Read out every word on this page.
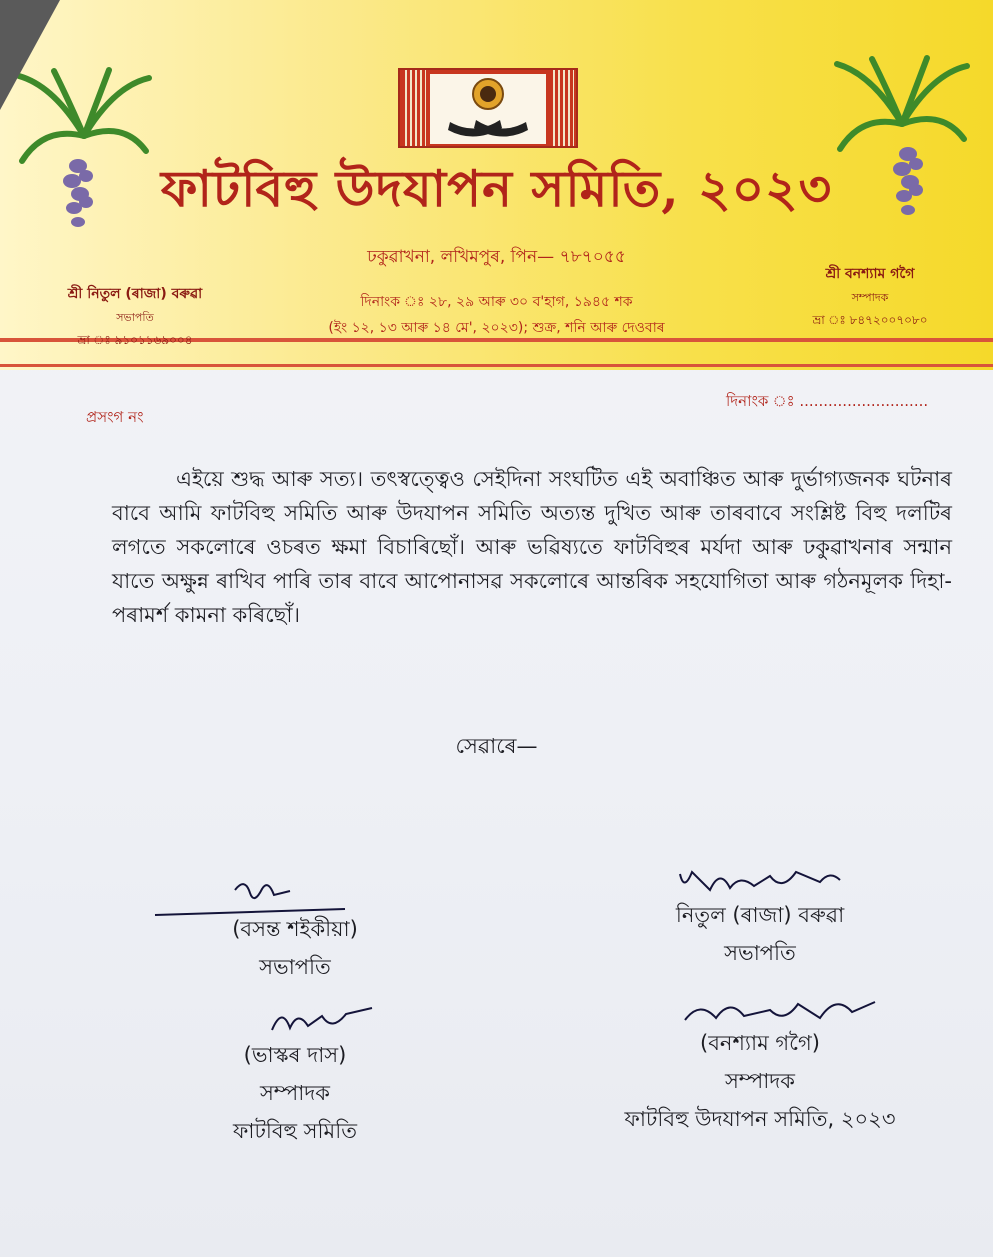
ফাটবিহু উদযাপন সমিতি, ২০২৩
ঢকুৱাখনা, লখিমপুৰ, পিন— ৭৮৭০৫৫
দিনাংক ঃ ২৮, ২৯ আৰু ৩০ ব'হাগ, ১৯৪৫ শক
(ইং ১২, ১৩ আৰু ১৪ মে', ২০২৩); শুক্ৰ, শনি আৰু দেওবাৰ
শ্ৰী নিতুল (ৰাজা) বৰুৱা
সভাপতি
ভ্ৰা ঃ ৯১০১১৬৯০০৪
শ্ৰী বনশ্যাম গগৈ
সম্পাদক
ভ্ৰা ঃ ৮৪৭২০০৭০৮০
প্ৰসংগ নং
দিনাংক ঃ ...........................
এইয়ে শুদ্ধ আৰু সত্য। তৎস্বত্ত্বেও সেইদিনা সংঘটিত এই অবাঞ্চিত আৰু দুৰ্ভাগ্যজনক ঘটনাৰ বাবে আমি ফাটবিহু সমিতি আৰু উদযাপন সমিতি অত্যন্ত দুখিত আৰু তাৰবাবে সংশ্লিষ্ট বিহু দলটিৰ লগতে সকলোৰে ওচৰত ক্ষমা বিচাৰিছোঁ। আৰু ভৱিষ্যতে ফাটবিহুৰ মৰ্যদা আৰু ঢকুৱাখনাৰ সন্মান যাতে অক্ষুন্ন ৰাখিব পাৰি তাৰ বাবে আপোনাসৱ সকলোৰে আন্তৰিক সহযোগিতা আৰু গঠনমূলক দিহা-পৰামৰ্শ কামনা কৰিছোঁ।
সেৱাৰে—
(বসন্ত শইকীয়া)
সভাপতি
নিতুল (ৰাজা) বৰুৱা
সভাপতি
(ভাস্কৰ দাস)
সম্পাদক
ফাটবিহু সমিতি
(বনশ্যাম গগৈ)
সম্পাদক
ফাটবিহু উদযাপন সমিতি, ২০২৩
